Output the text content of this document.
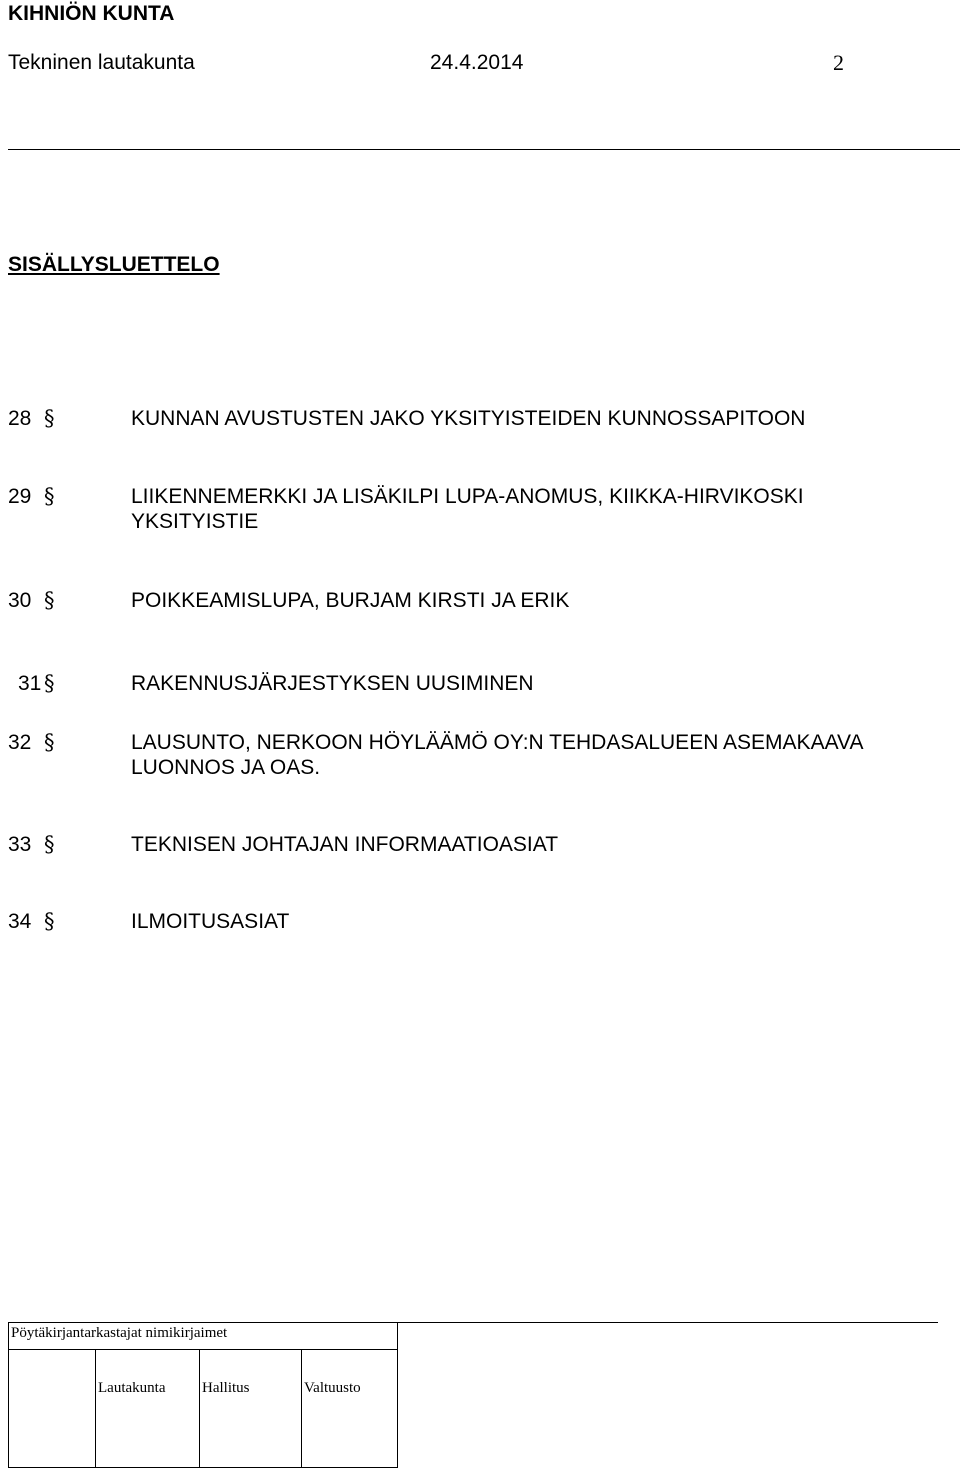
KIHNIÖN KUNTA
Tekninen lautakunta	24.4.2014	2
SISÄLLYSLUETTELO
28 §	KUNNAN AVUSTUSTEN JAKO YKSITYISTEIDEN KUNNOSSAPITOON
29 §	LIIKENNEMERKKI JA LISÄKILPI LUPA-ANOMUS, KIIKKA-HIRVIKOSKI YKSITYISTIE
30 §	POIKKEAMISLUPA, BURJAM KIRSTI JA ERIK
31 §	RAKENNUSJÄRJESTYKSEN UUSIMINEN
32 §	LAUSUNTO, NERKOON HÖYLÄÄMÖ OY:N TEHDASALUEEN ASEMAKAAVA LUONNOS JA OAS.
33 §	TEKNISEN JOHTAJAN INFORMAATIOASIAT
34 §	ILMOITUSASIAT
Pöytäkirjantarkastajat nimikirjaimet
Lautakunta Hallitus	Valtuusto
